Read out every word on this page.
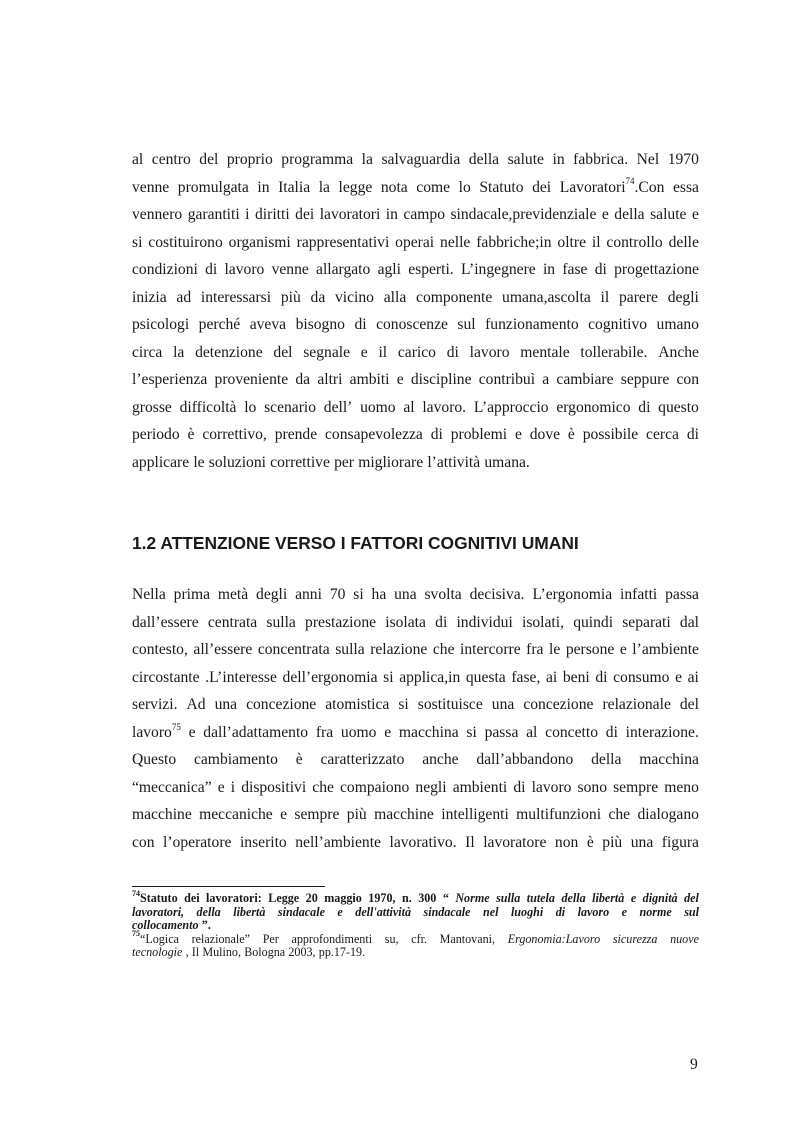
al centro del proprio programma la salvaguardia della salute in fabbrica. Nel 1970
venne promulgata in Italia la legge nota come lo Statuto dei Lavoratori$^{74}$.Con essa
vennero garantiti i diritti dei lavoratori in campo sindacale,previdenziale e della salute e
si costituirono organismi rappresentativi operai nelle fabbriche;in oltre il controllo delle
condizioni di lavoro venne allargato agli esperti. L’ingegnere in fase di progettazione
inizia ad interessarsi più da vicino alla componente umana,ascolta il parere degli
psicologi perché aveva bisogno di conoscenze sul funzionamento cognitivo umano
circa la detenzione del segnale e il carico di lavoro mentale tollerabile. Anche
l’esperienza proveniente da altri ambiti e discipline contribuì a cambiare seppure con
grosse difficoltà lo scenario dell’ uomo al lavoro. L’approccio ergonomico di questo
periodo è correttivo, prende consapevolezza di problemi e dove è possibile cerca di
applicare le soluzioni correttive per migliorare l’attività umana.
1.2 ATTENZIONE VERSO I FATTORI COGNITIVI UMANI
Nella prima metà degli anni 70 si ha una svolta decisiva. L’ergonomia infatti passa
dall’essere centrata sulla prestazione isolata di individui isolati, quindi separati dal
contesto, all’essere concentrata sulla relazione che intercorre fra le persone e l’ambiente
circostante .L’interesse dell’ergonomia si applica,in questa fase, ai beni di consumo e ai
servizi. Ad una concezione atomistica si sostituisce una concezione relazionale del
lavoro$^{75}$ e dall’adattamento fra uomo e macchina si passa al concetto di interazione.
Questo cambiamento è caratterizzato anche dall’abbandono della macchina
“meccanica” e i dispositivi che compaiono negli ambienti di lavoro sono sempre meno
macchine meccaniche e sempre più macchine intelligenti multifunzioni che dialogano
con l’operatore inserito nell’ambiente lavorativo. Il lavoratore non è più una figura
$^{74}$Statuto dei lavoratori: Legge 20 maggio 1970, n. 300 “ Norme sulla tutela della libertà e dignità del
lavoratori, della libertà sindacale e dell'attività sindacale nel luoghi di lavoro e norme sul
collocamento ”.
$^{75}$“Logica relazionale” Per approfondimenti su, cfr. Mantovani, Ergonomia:Lavoro sicurezza nuove
tecnologie , Il Mulino, Bologna 2003, pp.17-19.
9
